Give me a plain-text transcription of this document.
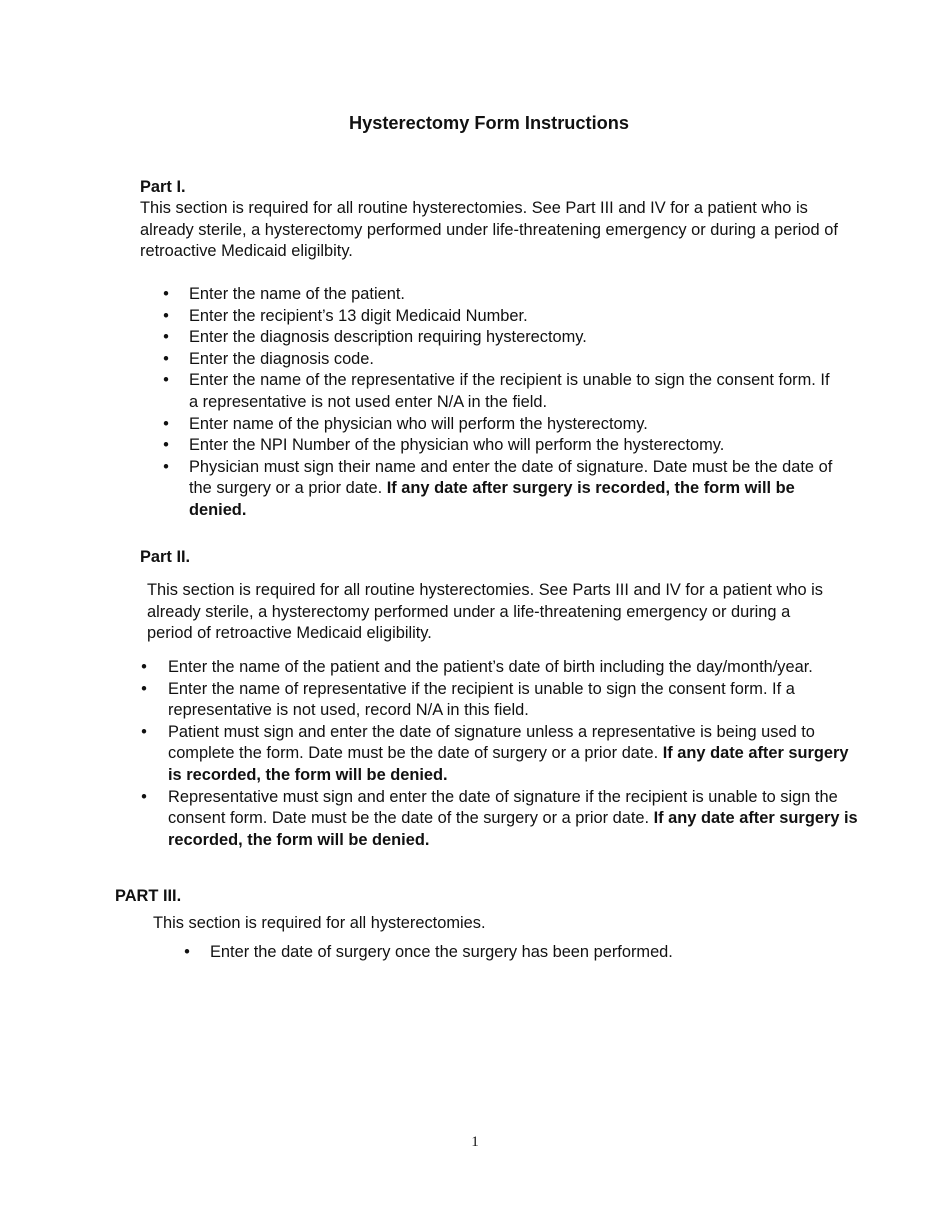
Hysterectomy Form Instructions
Part I.
This section is required for all routine hysterectomies. See Part III and IV for a patient who is already sterile, a hysterectomy performed under life-threatening emergency or during a period of retroactive Medicaid eligilbity.
• Enter the name of the patient.
• Enter the recipient’s 13 digit Medicaid Number.
• Enter the diagnosis description requiring hysterectomy.
• Enter the diagnosis code.
• Enter the name of the representative if the recipient is unable to sign the consent form. If a representative is not used enter N/A in the field.
• Enter name of the physician who will perform the hysterectomy.
• Enter the NPI Number of the physician who will perform the hysterectomy.
• Physician must sign their name and enter the date of signature. Date must be the date of the surgery or a prior date. If any date after surgery is recorded, the form will be denied.
Part II.
This section is required for all routine hysterectomies. See Parts III and IV for a patient who is already sterile, a hysterectomy performed under a life-threatening emergency or during a period of retroactive Medicaid eligibility.
• Enter the name of the patient and the patient’s date of birth including the day/month/year.
• Enter the name of representative if the recipient is unable to sign the consent form. If a representative is not used, record N/A in this field.
• Patient must sign and enter the date of signature unless a representative is being used to complete the form. Date must be the date of surgery or a prior date. If any date after surgery is recorded, the form will be denied.
• Representative must sign and enter the date of signature if the recipient is unable to sign the consent form. Date must be the date of the surgery or a prior date. If any date after surgery is recorded, the form will be denied.
PART III.
This section is required for all hysterectomies.
• Enter the date of surgery once the surgery has been performed.
1
